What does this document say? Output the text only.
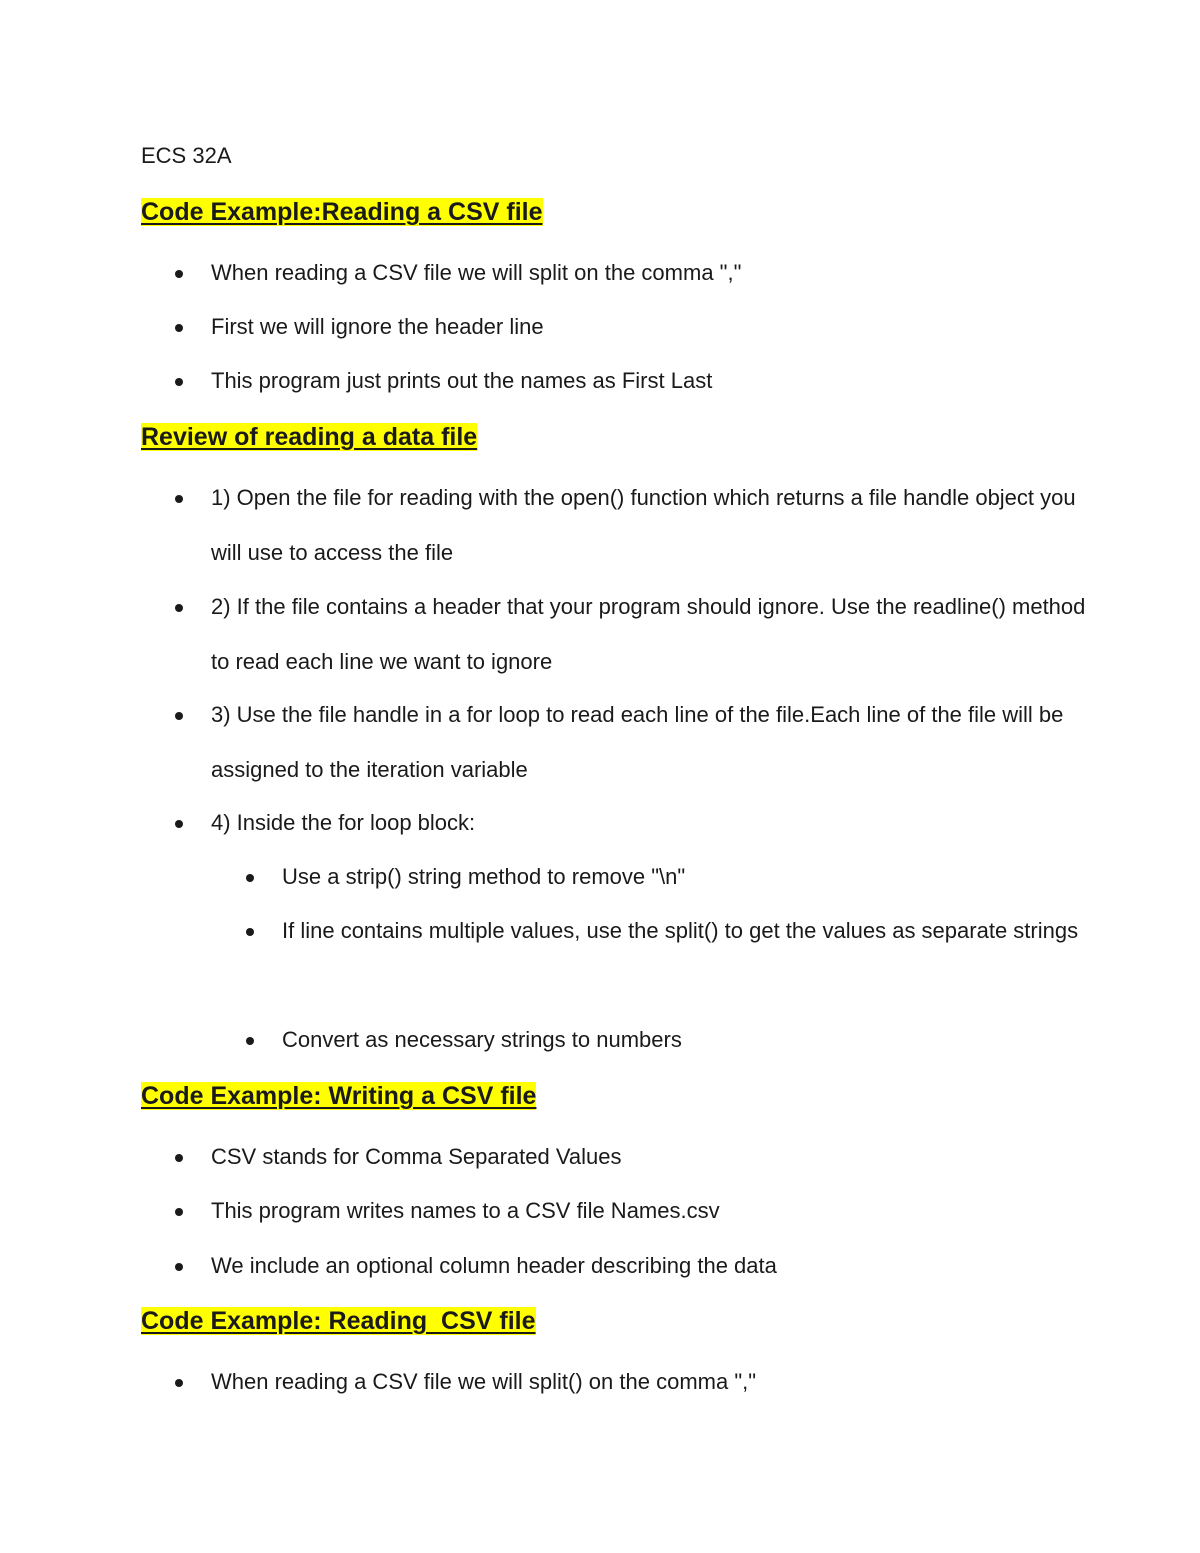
ECS 32A
Code Example:Reading a CSV file
When reading a CSV file we will split on the comma ","
First we will ignore the header line
This program just prints out the names as First Last
Review of reading a data file
1) Open the file for reading with the open() function which returns a file handle object you will use to access the file
2) If the file contains a header that your program should ignore. Use the readline() method to read each line we want to ignore
3) Use the file handle in a for loop to read each line of the file.Each line of the file will be assigned to the iteration variable
4) Inside the for loop block:
Use a strip() string method to remove "\n"
If line contains multiple values, use the split() to get the values as separate strings
Convert as necessary strings to numbers
Code Example: Writing a CSV file
CSV stands for Comma Separated Values
This program writes names to a CSV file Names.csv
We include an optional column header describing the data
Code Example: Reading  CSV file
When reading a CSV file we will split() on the comma ","
